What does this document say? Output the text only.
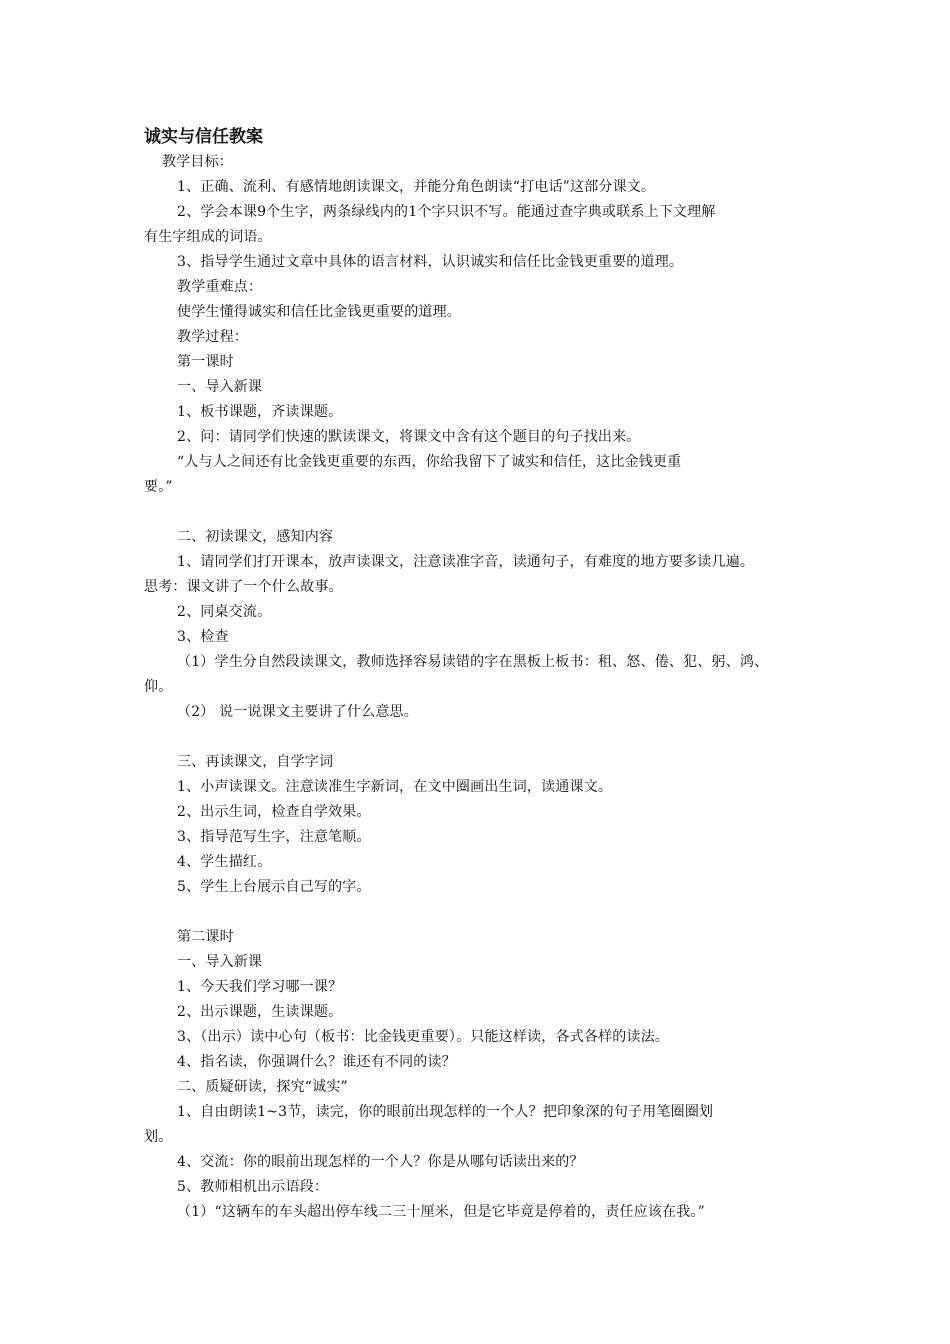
诚实与信任教案
教学目标：
1、正确、流利、有感情地朗读课文，并能分角色朗读“打电话”这部分课文。
2、学会本课9个生字，两条绿线内的1个字只识不写。能通过查字典或联系上下文理解
有生字组成的词语。
3、指导学生通过文章中具体的语言材料，认识诚实和信任比金钱更重要的道理。
教学重难点：
使学生懂得诚实和信任比金钱更重要的道理。
教学过程：
第一课时
一、导入新课
1、板书课题，齐读课题。
2、问：请同学们快速的默读课文，将课文中含有这个题目的句子找出来。
“人与人之间还有比金钱更重要的东西，你给我留下了诚实和信任，这比金钱更重
要。”
二、初读课文，感知内容
1、请同学们打开课本，放声读课文，注意读准字音，读通句子，有难度的地方要多读几遍。
思考：课文讲了一个什么故事。
2、同桌交流。
3、检查
（1）学生分自然段读课文，教师选择容易读错的字在黑板上板书：租、怒、倦、犯、躬、鸿、
仰。
（2） 说一说课文主要讲了什么意思。
三、再读课文，自学字词
1、小声读课文。注意读准生字新词，在文中圈画出生词，读通课文。
2、出示生词，检查自学效果。
3、指导范写生字，注意笔顺。
4、学生描红。
5、学生上台展示自己写的字。
第二课时
一、导入新课
1、今天我们学习哪一课？
2、出示课题，生读课题。
3、（出示）读中心句（板书：比金钱更重要）。只能这样读，各式各样的读法。
4、指名读，你强调什么？谁还有不同的读？
二、质疑研读，探究“诚实”
1、自由朗读1~3节，读完，你的眼前出现怎样的一个人？把印象深的句子用笔圈圈划
划。
4、交流：你的眼前出现怎样的一个人？你是从哪句话读出来的？
5、教师相机出示语段：
（1）“这辆车的车头超出停车线二三十厘米，但是它毕竟是停着的，责任应该在我。”
